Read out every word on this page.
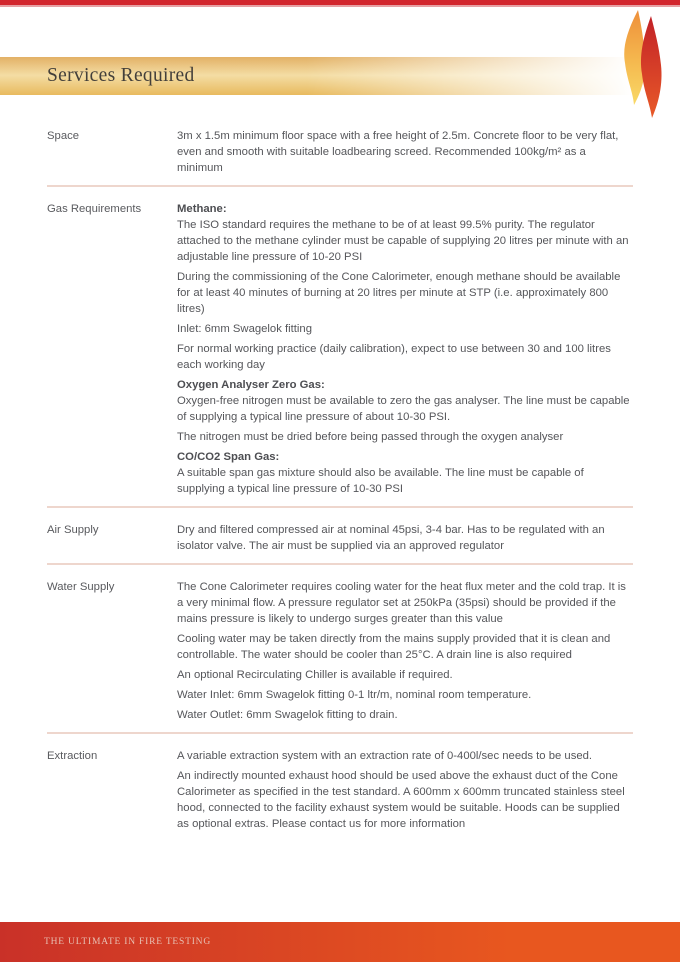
Services Required
Space	3m x 1.5m minimum floor space with a free height of 2.5m. Concrete floor to be very flat, even and smooth with suitable loadbearing screed. Recommended 100kg/m² as a minimum

Gas Requirements	Methane:

The ISO standard requires the methane to be of at least 99.5% purity. The regulator attached to the methane cylinder must be capable of supplying 20 litres per minute with an adjustable line pressure of 10-20 PSI

During the commissioning of the Cone Calorimeter, enough methane should be available for at least 40 minutes of burning at 20 litres per minute at STP (i.e. approximately 800 litres)

Inlet: 6mm Swagelok fitting

For normal working practice (daily calibration), expect to use between 30 and 100 litres each working day

Oxygen Analyser Zero Gas:

Oxygen-free nitrogen must be available to zero the gas analyser. The line must be capable of supplying a typical line pressure of about 10-30 PSI.

The nitrogen must be dried before being passed through the oxygen analyser

CO/CO2 Span Gas:

A suitable span gas mixture should also be available. The line must be capable of supplying a typical line pressure of 10-30 PSI

Air Supply	Dry and filtered compressed air at nominal 45psi, 3-4 bar. Has to be regulated with an isolator valve. The air must be supplied via an approved regulator

Water Supply	The Cone Calorimeter requires cooling water for the heat flux meter and the cold trap. It is a very minimal flow. A pressure regulator set at 250kPa (35psi) should be provided if the mains pressure is likely to undergo surges greater than this value

Cooling water may be taken directly from the mains supply provided that it is clean and controllable. The water should be cooler than 25°C. A drain line is also required

An optional Recirculating Chiller is available if required.

Water Inlet: 6mm Swagelok fitting 0-1 ltr/m, nominal room temperature.

Water Outlet: 6mm Swagelok fitting to drain.

Extraction	A variable extraction system with an extraction rate of 0-400l/sec needs to be used.

An indirectly mounted exhaust hood should be used above the exhaust duct of the Cone Calorimeter as specified in the test standard. A 600mm x 600mm truncated stainless steel hood, connected to the facility exhaust system would be suitable. Hoods can be supplied as optional extras. Please contact us for more information

THE ULTIMATE IN FIRE TESTING
